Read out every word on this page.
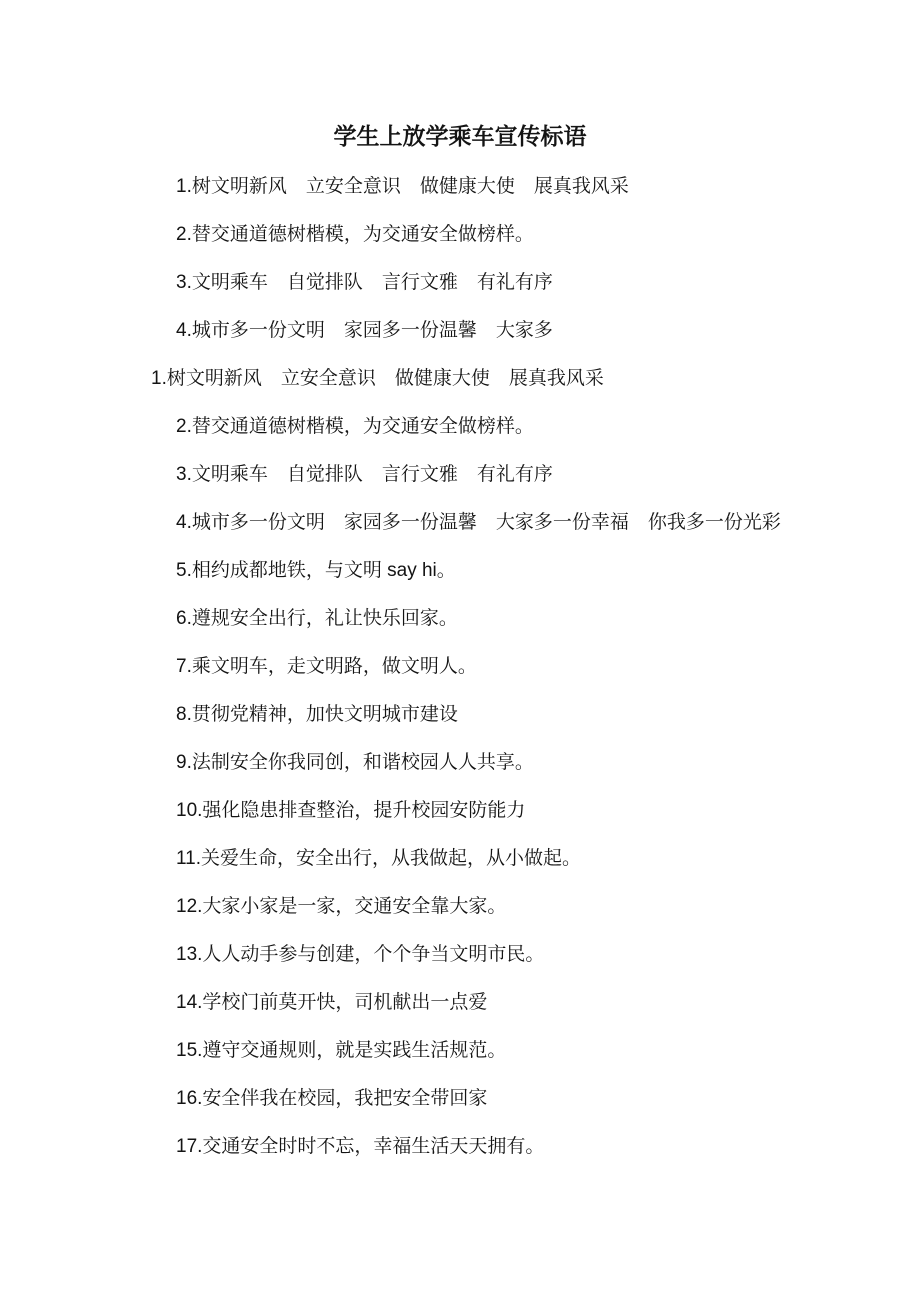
学生上放学乘车宣传标语

1.树文明新风　立安全意识　做健康大使　展真我风采

2.替交通道德树楷模，为交通安全做榜样。

3.文明乘车　自觉排队　言行文雅　有礼有序

4.城市多一份文明　家园多一份温馨　大家多

1.树文明新风　立安全意识　做健康大使　展真我风采

2.替交通道德树楷模，为交通安全做榜样。

3.文明乘车　自觉排队　言行文雅　有礼有序

4.城市多一份文明　家园多一份温馨　大家多一份幸福　你我多一份光彩

5.相约成都地铁，与文明 say hi。

6.遵规安全出行，礼让快乐回家。

7.乘文明车，走文明路，做文明人。

8.贯彻党精神，加快文明城市建设

9.法制安全你我同创，和谐校园人人共享。

10.强化隐患排查整治，提升校园安防能力

11.关爱生命，安全出行，从我做起，从小做起。

12.大家小家是一家，交通安全靠大家。

13.人人动手参与创建，个个争当文明市民。

14.学校门前莫开快，司机献出一点爱

15.遵守交通规则，就是实践生活规范。

16.安全伴我在校园，我把安全带回家

17.交通安全时时不忘，幸福生活天天拥有。
